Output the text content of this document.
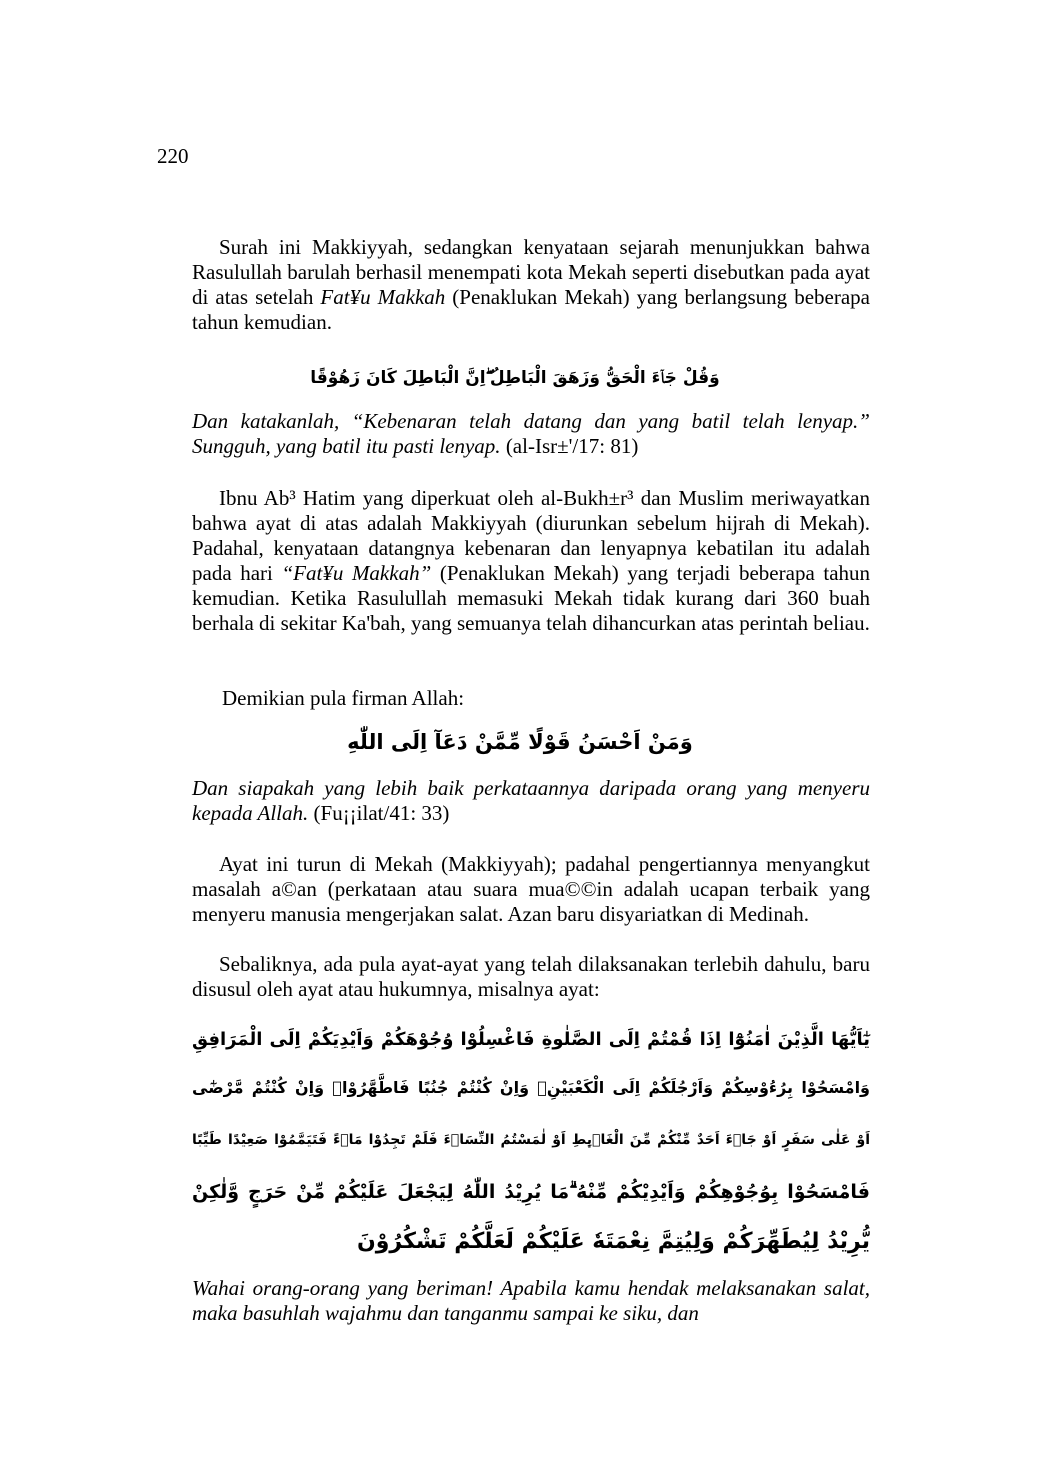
220
Surah ini Makkiyyah, sedangkan kenyataan sejarah menunjukkan bahwa Rasulullah barulah berhasil menempati kota Mekah seperti disebutkan pada ayat di atas setelah Fat¥u Makkah (Penaklukan Mekah) yang berlangsung beberapa tahun kemudian.
وَقُلْ جَاۤءَ الْحَقُّ وَزَهَقَ الْبَاطِلُ ۖاِنَّ الْبَاطِلَ كَانَ زَهُوْقًا
Dan katakanlah, “Kebenaran telah datang dan yang batil telah lenyap.” Sungguh, yang batil itu pasti lenyap. (al-Isr±'/17: 81)
Ibnu Ab³ Hatim yang diperkuat oleh al-Bukh±r³ dan Muslim meriwayatkan bahwa ayat di atas adalah Makkiyyah (diurunkan sebelum hijrah di Mekah). Padahal, kenyataan datangnya kebenaran dan lenyapnya kebatilan itu adalah pada hari “Fat¥u Makkah” (Penaklukan Mekah) yang terjadi beberapa tahun kemudian. Ketika Rasulullah memasuki Mekah tidak kurang dari 360 buah berhala di sekitar Ka'bah, yang semuanya telah dihancurkan atas perintah beliau.
Demikian pula firman Allah:
وَمَنْ اَحْسَنُ قَوْلًا مِّمَّنْ دَعَآ اِلَى اللّٰهِ
Dan siapakah yang lebih baik perkataannya daripada orang yang menyeru kepada Allah. (Fu¡¡ilat/41: 33)
Ayat ini turun di Mekah (Makkiyyah); padahal pengertiannya menyangkut masalah a©an (perkataan atau suara mua©©in adalah ucapan terbaik yang menyeru manusia mengerjakan salat. Azan baru disyariatkan di Medinah.
Sebaliknya, ada pula ayat-ayat yang telah dilaksanakan terlebih dahulu, baru disusul oleh ayat atau hukumnya, misalnya ayat:
يٰٓاَيُّهَا الَّذِيْنَ اٰمَنُوْٓا اِذَا قُمْتُمْ اِلَى الصَّلٰوةِ فَاغْسِلُوْا وُجُوْهَكُمْ وَاَيْدِيَكُمْ اِلَى الْمَرَافِقِ
وَامْسَحُوْا بِرُءُوْسِكُمْ وَاَرْجُلَكُمْ اِلَى الْكَعْبَيْنِۗ وَاِنْ كُنْتُمْ جُنُبًا فَاطَّهَّرُوْاۗ وَاِنْ كُنْتُمْ مَّرْضٰٓى
اَوْ عَلٰى سَفَرٍ اَوْ جَاۤءَ اَحَدٌ مِّنْكُمْ مِّنَ الْغَاۤىِٕطِ اَوْ لٰمَسْتُمُ النِّسَاۤءَ فَلَمْ تَجِدُوْا مَاۤءً فَتَيَمَّمُوْا صَعِيْدًا طَيِّبًا
فَامْسَحُوْا بِوُجُوْهِكُمْ وَاَيْدِيْكُمْ مِّنْهُ ۗمَا يُرِيْدُ اللّٰهُ لِيَجْعَلَ عَلَيْكُمْ مِّنْ حَرَجٍ وَّلٰكِنْ
يُّرِيْدُ لِيُطَهِّرَكُمْ وَلِيُتِمَّ نِعْمَتَهٗ عَلَيْكُمْ لَعَلَّكُمْ تَشْكُرُوْنَ
Wahai orang-orang yang beriman! Apabila kamu hendak melaksanakan salat, maka basuhlah wajahmu dan tanganmu sampai ke siku, dan
